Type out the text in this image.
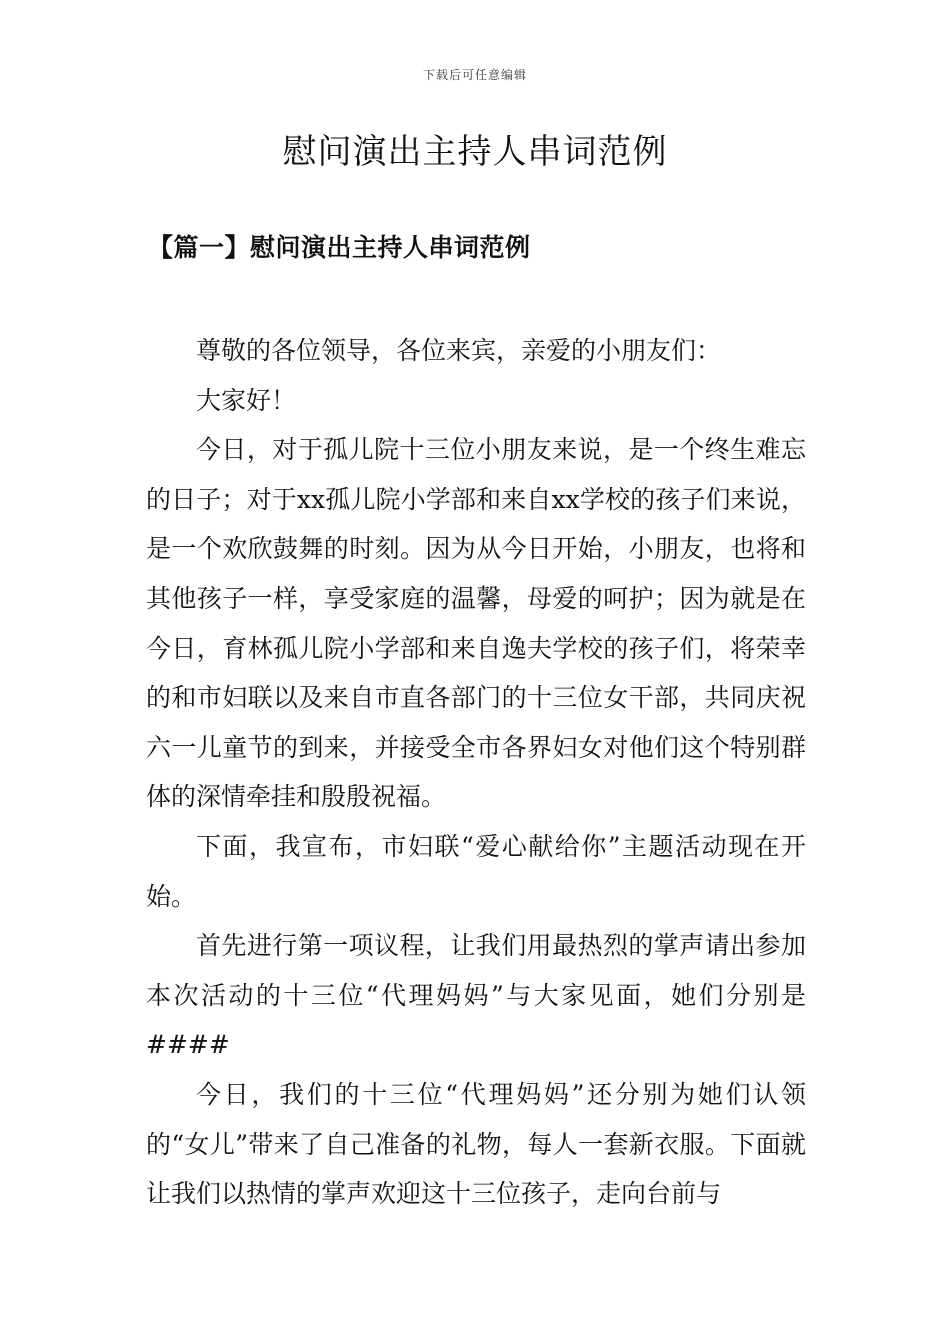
下载后可任意编辑
慰问演出主持人串词范例
【篇一】慰问演出主持人串词范例

尊敬的各位领导，各位来宾，亲爱的小朋友们：

大家好！

今日，对于孤儿院十三位小朋友来说，是一个终生难忘的日子；对于xx孤儿院小学部和来自xx学校的孩子们来说，是一个欢欣鼓舞的时刻。因为从今日开始，小朋友，也将和其他孩子一样，享受家庭的温馨，母爱的呵护；因为就是在今日，育林孤儿院小学部和来自逸夫学校的孩子们，将荣幸的和市妇联以及来自市直各部门的十三位女干部，共同庆祝六一儿童节的到来，并接受全市各界妇女对他们这个特别群体的深情牵挂和殷殷祝福。

下面，我宣布，市妇联“爱心献给你”主题活动现在开始。

首先进行第一项议程，让我们用最热烈的掌声请出参加本次活动的十三位“代理妈妈”与大家见面，她们分别是####

今日，我们的十三位“代理妈妈”还分别为她们认领的“女儿”带来了自己准备的礼物，每人一套新衣服。下面就让我们以热情的掌声欢迎这十三位孩子，走向台前与
